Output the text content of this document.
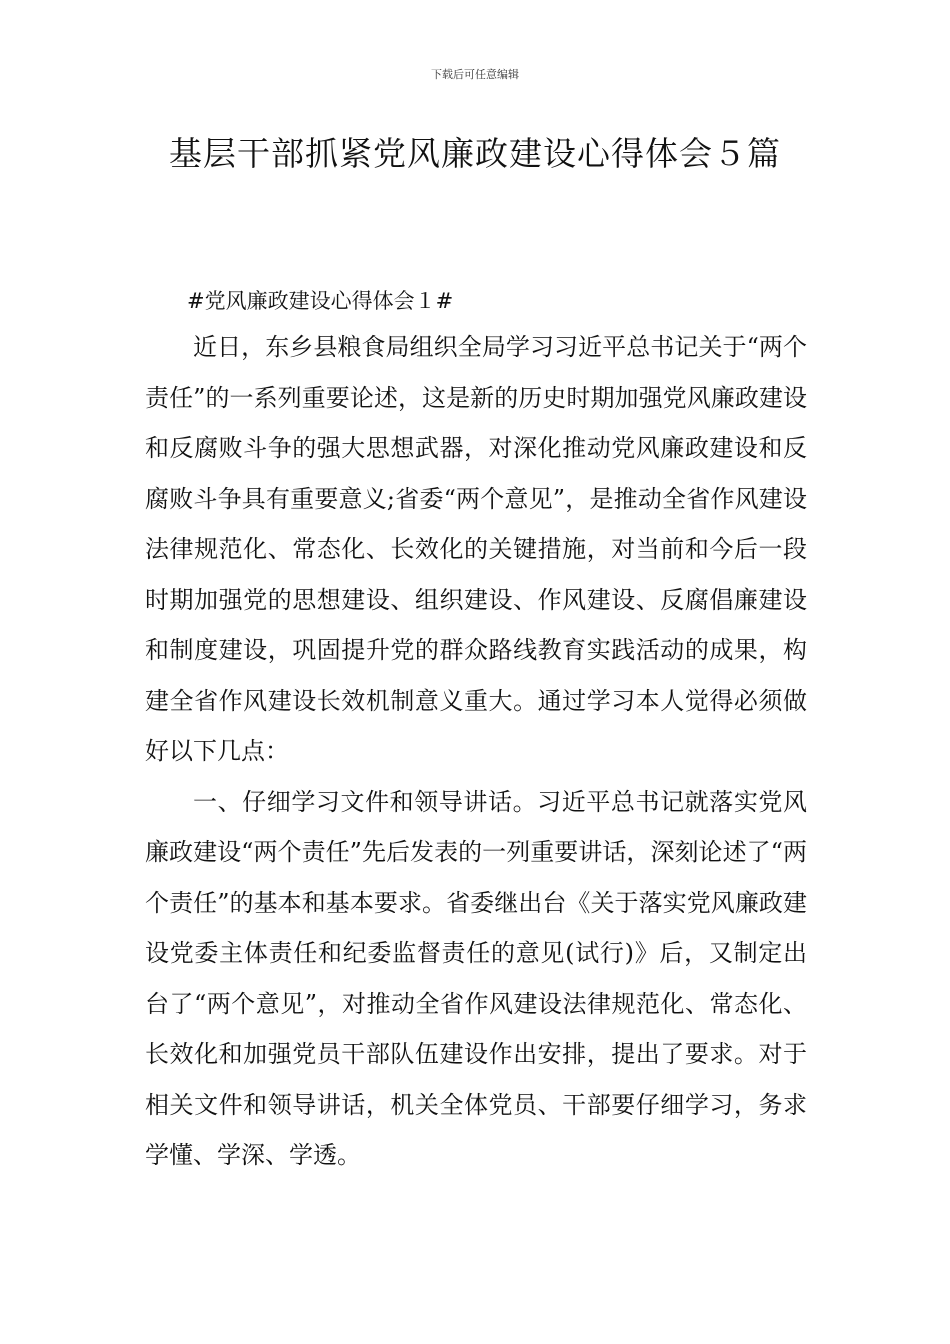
下载后可任意编辑
基层干部抓紧党风廉政建设心得体会５篇

#党风廉政建设心得体会１#

近日，东乡县粮食局组织全局学习习近平总书记关于“两个责任”的一系列重要论述，这是新的历史时期加强党风廉政建设和反腐败斗争的强大思想武器，对深化推动党风廉政建设和反腐败斗争具有重要意义;省委“两个意见”，是推动全省作风建设法律规范化、常态化、长效化的关键措施，对当前和今后一段时期加强党的思想建设、组织建设、作风建设、反腐倡廉建设和制度建设，巩固提升党的群众路线教育实践活动的成果，构建全省作风建设长效机制意义重大。通过学习本人觉得必须做好以下几点：

一、仔细学习文件和领导讲话。习近平总书记就落实党风廉政建设“两个责任”先后发表的一列重要讲话，深刻论述了“两个责任”的基本和基本要求。省委继出台《关于落实党风廉政建设党委主体责任和纪委监督责任的意见(试行)》后，又制定出台了“两个意见”，对推动全省作风建设法律规范化、常态化、长效化和加强党员干部队伍建设作出安排，提出了要求。对于相关文件和领导讲话，机关全体党员、干部要仔细学习，务求学懂、学深、学透。
